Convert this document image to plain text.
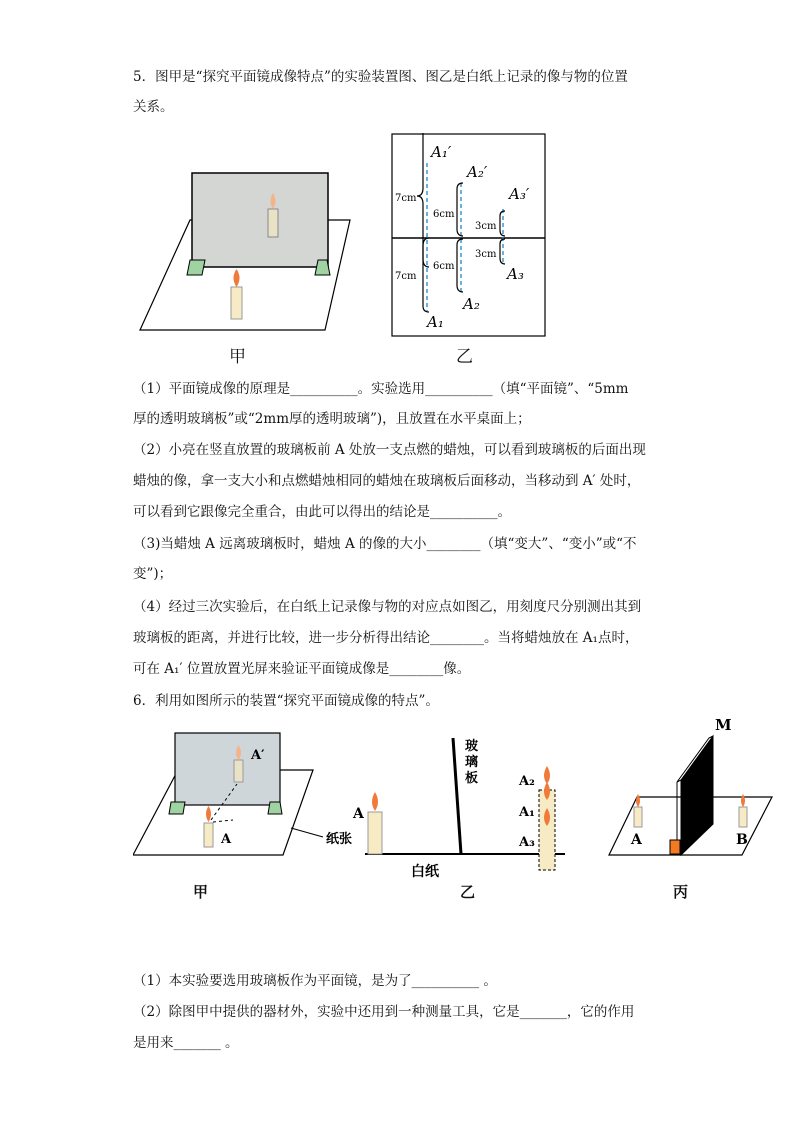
5．图甲是“探究平面镜成像特点”的实验装置图、图乙是白纸上记录的像与物的位置
关系。
甲
A₁′
A₂′
A₃′
A₁
A₂
A₃
7cm
7cm
6cm
6cm
3cm
3cm
乙
（1）平面镜成像的原理是__________。实验选用__________（填“平面镜”、“5mm
厚的透明玻璃板”或“2mm厚的透明玻璃”)，且放置在水平桌面上；
（2）小亮在竖直放置的玻璃板前 A 处放一支点燃的蜡烛，可以看到玻璃板的后面出现
蜡烛的像，拿一支大小和点燃蜡烛相同的蜡烛在玻璃板后面移动，当移动到 A′ 处时，
可以看到它跟像完全重合，由此可以得出的结论是__________。
（3)当蜡烛 A 远离玻璃板时，蜡烛 A 的像的大小________（填“变大”、“变小”或“不
变”)；
（4）经过三次实验后，在白纸上记录像与物的对应点如图乙，用刻度尺分别测出其到
玻璃板的距离，并进行比较，进一步分析得出结论________。当将蜡烛放在 A₁点时，
可在 A₁′ 位置放置光屏来验证平面镜成像是________像。
6．利用如图所示的装置“探究平面镜成像的特点”。
A′
A	纸张
甲
玻
璃
板
A
A₂
A₁
A₃
白纸
乙
M
A	B
丙
（1）本实验要选用玻璃板作为平面镜，是为了__________ 。
（2）除图甲中提供的器材外，实验中还用到一种测量工具，它是_______，它的作用
是用来_______ 。
